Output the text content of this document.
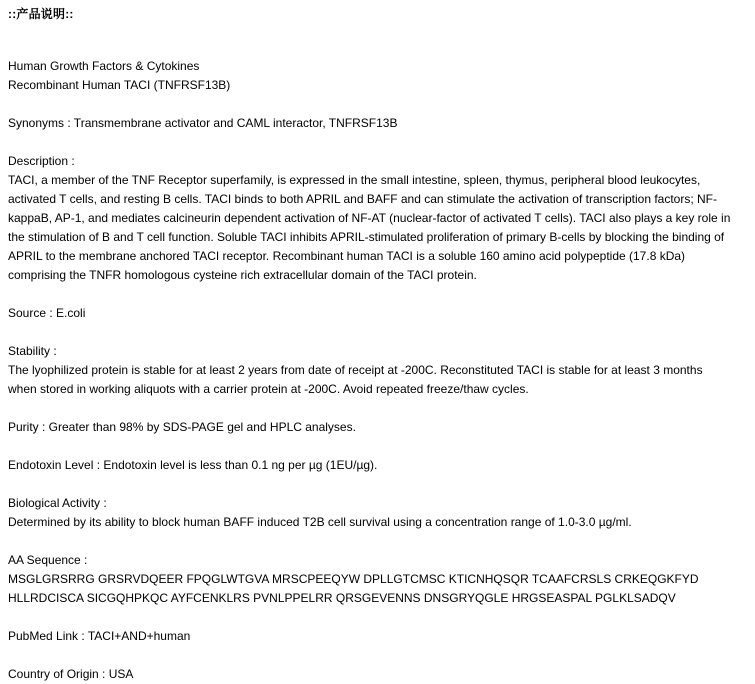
::产品说明::
Human Growth Factors & Cytokines
Recombinant Human TACI (TNFRSF13B)
Synonyms : Transmembrane activator and CAML interactor, TNFRSF13B
Description :
TACI, a member of the TNF Receptor superfamily, is expressed in the small intestine, spleen, thymus, peripheral blood leukocytes,
activated T cells, and resting B cells. TACI binds to both APRIL and BAFF and can stimulate the activation of transcription factors; NF-
kappaB, AP-1, and mediates calcineurin dependent activation of NF-AT (nuclear-factor of activated T cells). TACI also plays a key role in
the stimulation of B and T cell function. Soluble TACI inhibits APRIL-stimulated proliferation of primary B-cells by blocking the binding of
APRIL to the membrane anchored TACI receptor. Recombinant human TACI is a soluble 160 amino acid polypeptide (17.8 kDa)
comprising the TNFR homologous cysteine rich extracellular domain of the TACI protein.
Source : E.coli
Stability :
The lyophilized protein is stable for at least 2 years from date of receipt at -200C. Reconstituted TACI is stable for at least 3 months
when stored in working aliquots with a carrier protein at -200C. Avoid repeated freeze/thaw cycles.
Purity : Greater than 98% by SDS-PAGE gel and HPLC analyses.
Endotoxin Level : Endotoxin level is less than 0.1 ng per µg (1EU/µg).
Biological Activity :
Determined by its ability to block human BAFF induced T2B cell survival using a concentration range of 1.0-3.0 µg/ml.
AA Sequence :
MSGLGRSRRG GRSRVDQEER FPQGLWTGVA MRSCPEEQYW DPLLGTCMSC KTICNHQSQR TCAAFCRSLS CRKEQGKFYD
HLLRDCISCA SICGQHPKQC AYFCENKLRS PVNLPPELRR QRSGEVENNS DNSGRYQGLE HRGSEASPAL PGLKLSADQV
PubMed Link : TACI+AND+human
Country of Origin : USA
